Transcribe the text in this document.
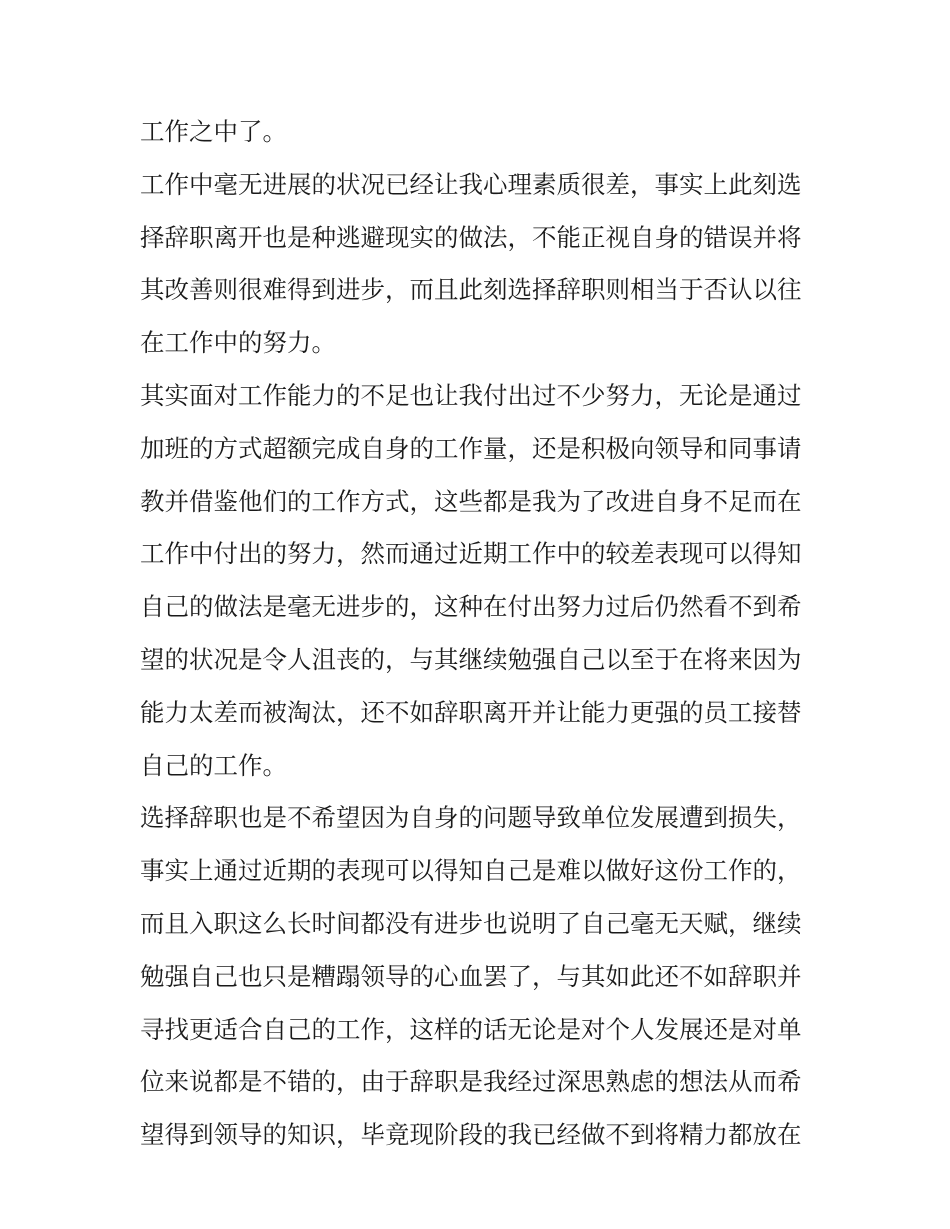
工作之中了。
工作中毫无进展的状况已经让我心理素质很差，事实上此刻选
择辞职离开也是种逃避现实的做法，不能正视自身的错误并将
其改善则很难得到进步，而且此刻选择辞职则相当于否认以往
在工作中的努力。
其实面对工作能力的不足也让我付出过不少努力，无论是通过
加班的方式超额完成自身的工作量，还是积极向领导和同事请
教并借鉴他们的工作方式，这些都是我为了改进自身不足而在
工作中付出的努力，然而通过近期工作中的较差表现可以得知
自己的做法是毫无进步的，这种在付出努力过后仍然看不到希
望的状况是令人沮丧的，与其继续勉强自己以至于在将来因为
能力太差而被淘汰，还不如辞职离开并让能力更强的员工接替
自己的工作。
选择辞职也是不希望因为自身的问题导致单位发展遭到损失，
事实上通过近期的表现可以得知自己是难以做好这份工作的，
而且入职这么长时间都没有进步也说明了自己毫无天赋，继续
勉强自己也只是糟蹋领导的心血罢了，与其如此还不如辞职并
寻找更适合自己的工作，这样的话无论是对个人发展还是对单
位来说都是不错的，由于辞职是我经过深思熟虑的想法从而希
望得到领导的知识，毕竟现阶段的我已经做不到将精力都放在
